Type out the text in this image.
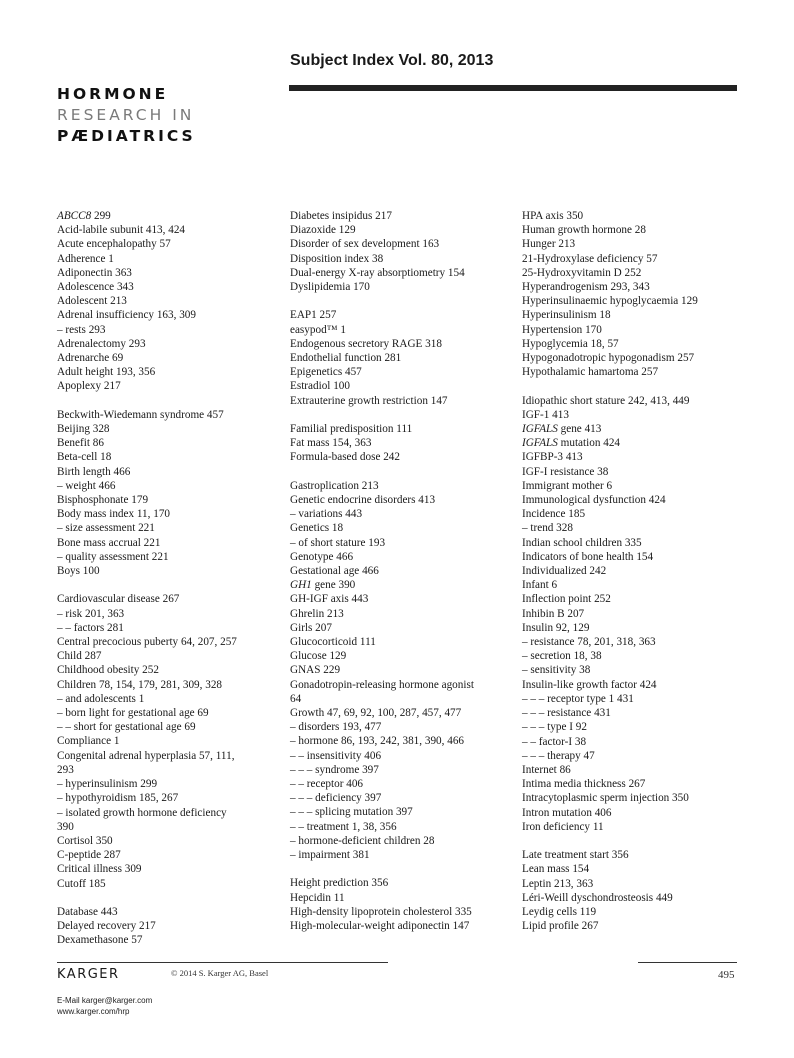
HORMONE
RESEARCH IN
PÆDIATRICS
Subject Index Vol. 80, 2013
ABCC8 299
Acid-labile subunit 413, 424
Acute encephalopathy 57
Adherence 1
Adiponectin 363
Adolescence 343
Adolescent 213
Adrenal insufficiency 163, 309
– rests 293
Adrenalectomy 293
Adrenarche 69
Adult height 193, 356
Apoplexy 217
Beckwith-Wiedemann syndrome 457
Beijing 328
Benefit 86
Beta-cell 18
Birth length 466
– weight 466
Bisphosphonate 179
Body mass index 11, 170
– size assessment 221
Bone mass accrual 221
– quality assessment 221
Boys 100
Cardiovascular disease 267
– risk 201, 363
– – factors 281
Central precocious puberty 64, 207, 257
Child 287
Childhood obesity 252
Children 78, 154, 179, 281, 309, 328
– and adolescents 1
– born light for gestational age 69
– – short for gestational age 69
Compliance 1
Congenital adrenal hyperplasia 57, 111,
293
– hyperinsulinism 299
– hypothyroidism 185, 267
– isolated growth hormone deficiency
390
Cortisol 350
C-peptide 287
Critical illness 309
Cutoff 185
Database 443
Delayed recovery 217
Dexamethasone 57
Diabetes insipidus 217
Diazoxide 129
Disorder of sex development 163
Disposition index 38
Dual-energy X-ray absorptiometry 154
Dyslipidemia 170
EAP1 257
easypod™ 1
Endogenous secretory RAGE 318
Endothelial function 281
Epigenetics 457
Estradiol 100
Extrauterine growth restriction 147
Familial predisposition 111
Fat mass 154, 363
Formula-based dose 242
Gastroplication 213
Genetic endocrine disorders 413
– variations 443
Genetics 18
– of short stature 193
Genotype 466
Gestational age 466
GH1 gene 390
GH-IGF axis 443
Ghrelin 213
Girls 207
Glucocorticoid 111
Glucose 129
GNAS 229
Gonadotropin-releasing hormone agonist
64
Growth 47, 69, 92, 100, 287, 457, 477
– disorders 193, 477
– hormone 86, 193, 242, 381, 390, 466
– – insensitivity 406
– – – syndrome 397
– – receptor 406
– – – deficiency 397
– – – splicing mutation 397
– – treatment 1, 38, 356
– hormone-deficient children 28
– impairment 381
Height prediction 356
Hepcidin 11
High-density lipoprotein cholesterol 335
High-molecular-weight adiponectin 147
HPA axis 350
Human growth hormone 28
Hunger 213
21-Hydroxylase deficiency 57
25-Hydroxyvitamin D 252
Hyperandrogenism 293, 343
Hyperinsulinaemic hypoglycaemia 129
Hyperinsulinism 18
Hypertension 170
Hypoglycemia 18, 57
Hypogonadotropic hypogonadism 257
Hypothalamic hamartoma 257
Idiopathic short stature 242, 413, 449
IGF-1 413
IGFALS gene 413
IGFALS mutation 424
IGFBP-3 413
IGF-I resistance 38
Immigrant mother 6
Immunological dysfunction 424
Incidence 185
– trend 328
Indian school children 335
Indicators of bone health 154
Individualized 242
Infant 6
Inflection point 252
Inhibin B 207
Insulin 92, 129
– resistance 78, 201, 318, 363
– secretion 18, 38
– sensitivity 38
Insulin-like growth factor 424
– – – receptor type 1 431
– – – resistance 431
– – – type I 92
– – factor-I 38
– – – therapy 47
Internet 86
Intima media thickness 267
Intracytoplasmic sperm injection 350
Intron mutation 406
Iron deficiency 11
Late treatment start 356
Lean mass 154
Leptin 213, 363
Léri-Weill dyschondrosteosis 449
Leydig cells 119
Lipid profile 267
KARGER	© 2014 S. Karger AG, Basel	495
E-Mail karger@karger.com
www.karger.com/hrp
